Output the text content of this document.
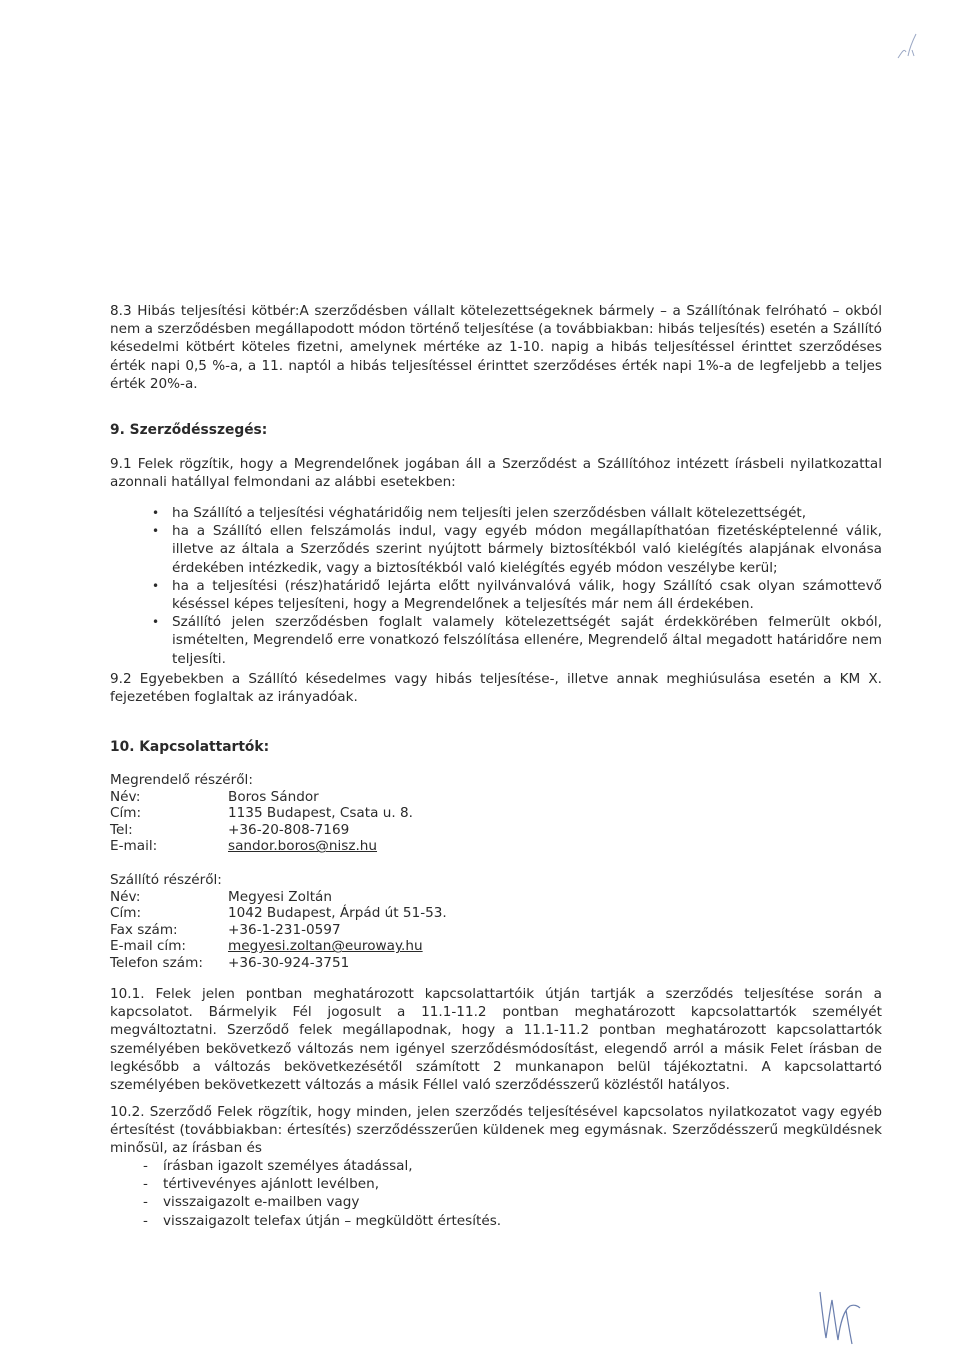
8.3 Hibás teljesítési kötbér:A szerződésben vállalt kötelezettségeknek bármely – a Szállítónak felróható – okból nem a szerződésben megállapodott módon történő teljesítése (a továbbiakban: hibás teljesítés) esetén a Szállító késedelmi kötbért köteles fizetni, amelynek mértéke az 1-10. napig a hibás teljesítéssel érinttet szerződéses érték napi 0,5 %-a, a 11. naptól a hibás teljesítéssel érinttet szerződéses érték napi 1%-a de legfeljebb a teljes érték 20%-a.

9. Szerződésszegés:

9.1 Felek rögzítik, hogy a Megrendelőnek jogában áll a Szerződést a Szállítóhoz intézett írásbeli nyilatkozattal azonnali hatállyal felmondani az alábbi esetekben:

• ha Szállító a teljesítési véghatáridőig nem teljesíti jelen szerződésben vállalt kötelezettségét,
• ha a Szállító ellen felszámolás indul, vagy egyéb módon megállapíthatóan fizetésképtelenné válik, illetve az általa a Szerződés szerint nyújtott bármely biztosítékból való kielégítés alapjának elvonása érdekében intézkedik, vagy a biztosítékból való kielégítés egyéb módon veszélybe kerül;
• ha a teljesítési (rész)határidő lejárta előtt nyilvánvalóvá válik, hogy Szállító csak olyan számottevő késéssel képes teljesíteni, hogy a Megrendelőnek a teljesítés már nem áll érdekében.
• Szállító jelen szerződésben foglalt valamely kötelezettségét saját érdekkörében felmerült okból, ismételten, Megrendelő erre vonatkozó felszólítása ellenére, Megrendelő által megadott határidőre nem teljesíti.

9.2 Egyebekben a Szállító késedelmes vagy hibás teljesítése-, illetve annak meghiúsulása esetén a KM X. fejezetében foglaltak az irányadóak.

10. Kapcsolattartók:
Megrendelő részéről:
Név:	Boros Sándor
Cím:	1135 Budapest, Csata u. 8.
Tel:	+36-20-808-7169
E-mail:	sandor.boros@nisz.hu
Szállító részéről:
Név:	Megyesi Zoltán
Cím:	1042 Budapest, Árpád út 51-53.
Fax szám:	+36-1-231-0597
E-mail cím:	megyesi.zoltan@euroway.hu
Telefon szám:	+36-30-924-3751

10.1. Felek jelen pontban meghatározott kapcsolattartóik útján tartják a szerződés teljesítése során a kapcsolatot. Bármelyik Fél jogosult a 11.1-11.2 pontban meghatározott kapcsolattartók személyét megváltoztatni. Szerződő felek megállapodnak, hogy a 11.1-11.2 pontban meghatározott kapcsolattartók személyében bekövetkező változás nem igényel szerződésmódosítást, elegendő arról a másik Felet írásban de legkésőbb a változás bekövetkezésétől számított 2 munkanapon belül tájékoztatni. A kapcsolattartó személyében bekövetkezett változás a másik Féllel való szerződésszerű közléstől hatályos.

10.2. Szerződő Felek rögzítik, hogy minden, jelen szerződés teljesítésével kapcsolatos nyilatkozatot vagy egyéb értesítést (továbbiakban: értesítés) szerződésszerűen küldenek meg egymásnak. Szerződésszerű megküldésnek minősül, az írásban és

- írásban igazolt személyes átadással,
- tértivevényes ajánlott levélben,
- visszaigazolt e-mailben vagy
- visszaigazolt telefax útján – megküldött értesítés.
